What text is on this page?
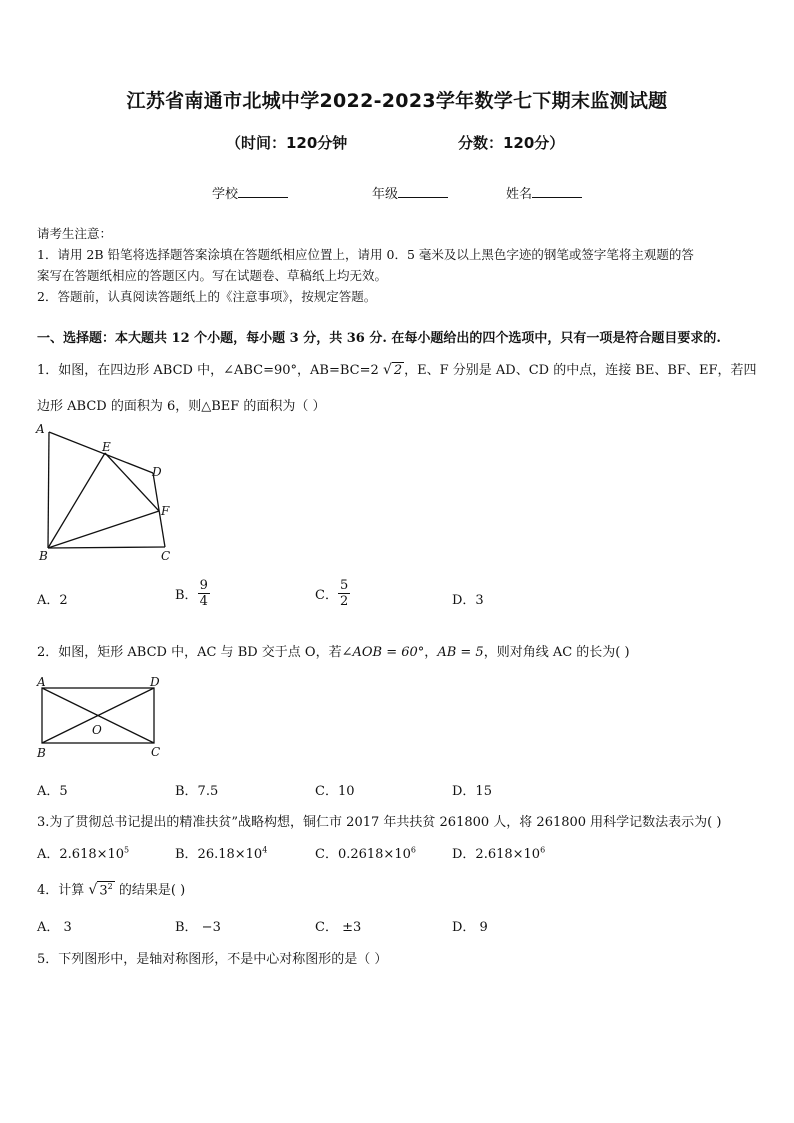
江苏省南通市北城中学2022-2023学年数学七下期末监测试题
（时间：120分钟	分数：120分）
学校	年级	姓名
请考生注意：
1．请用 2B 铅笔将选择题答案涂填在答题纸相应位置上，请用 0．5 毫米及以上黑色字迹的钢笔或签字笔将主观题的答
案写在答题纸相应的答题区内。写在试题卷、草稿纸上均无效。
2．答题前，认真阅读答题纸上的《注意事项》，按规定答题。
一、选择题：本大题共 12 个小题，每小题 3 分，共 36 分. 在每小题给出的四个选项中，只有一项是符合题目要求的.
1．如图，在四边形 ABCD 中，∠ABC=90°，AB=BC=2 √ 2 ，E、F 分别是 AD、CD 的中点，连接 BE、BF、EF，若四
边形 ABCD 的面积为 6，则△BEF 的面积为（ ）
A
E
D
F
B	C
A．2	B． $\frac{9}{4}$	C． $\frac{5}{2}$	D．3
2．如图，矩形 ABCD 中，AC 与 BD 交于点 O，若∠AOB = 60°，AB = 5，则对角线 AC 的长为( )
A	D
O
B	C
A．5	B．7.5	C．10	D．15
3.为了贯彻总书记提出的精准扶贫”战略构想，铜仁市 2017 年共扶贫 261800 人，将 261800 用科学记数法表示为( )
A．$2.618\times 10^5$	B．$26.18\times 10^4$	C．$0.2618\times 10^6$	D．$2.618\times 10^6$
4．计算 √ $3^2$ 的结果是( )
A． 3	B． −3	C． ±3	D． 9
5．下列图形中，是轴对称图形，不是中心对称图形的是（ ）
